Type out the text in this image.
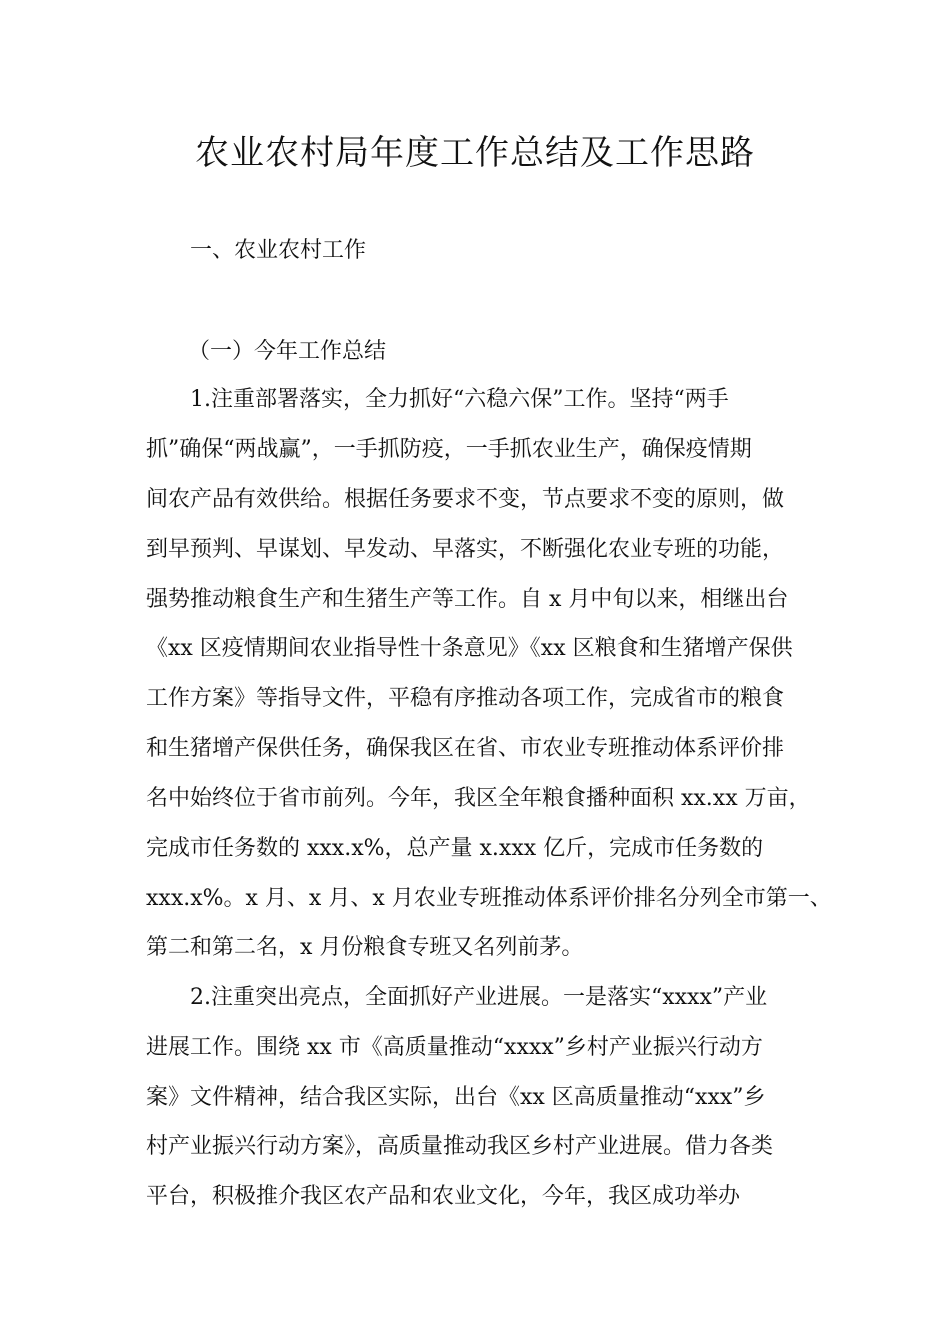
农业农村局年度工作总结及工作思路
一、农业农村工作
（一）今年工作总结
1.注重部署落实，全力抓好“六稳六保”工作。坚持“两手
抓”确保“两战赢”，一手抓防疫，一手抓农业生产，确保疫情期
间农产品有效供给。根据任务要求不变，节点要求不变的原则，做
到早预判、早谋划、早发动、早落实，不断强化农业专班的功能，
强势推动粮食生产和生猪生产等工作。自 x 月中旬以来，相继出台
《xx 区疫情期间农业指导性十条意见》《xx 区粮食和生猪增产保供
工作方案》等指导文件，平稳有序推动各项工作，完成省市的粮食
和生猪增产保供任务，确保我区在省、市农业专班推动体系评价排
名中始终位于省市前列。今年，我区全年粮食播种面积 xx.xx 万亩，
完成市任务数的 xxx.x%，总产量 x.xxx 亿斤，完成市任务数的
xxx.x%。x 月、x 月、x 月农业专班推动体系评价排名分列全市第一、
第二和第二名，x 月份粮食专班又名列前茅。
2.注重突出亮点，全面抓好产业进展。一是落实“xxxx”产业
进展工作。围绕 xx 市《高质量推动“xxxx”乡村产业振兴行动方
案》文件精神，结合我区实际，出台《xx 区高质量推动“xxx”乡
村产业振兴行动方案》，高质量推动我区乡村产业进展。借力各类
平台，积极推介我区农产品和农业文化，今年，我区成功举办
